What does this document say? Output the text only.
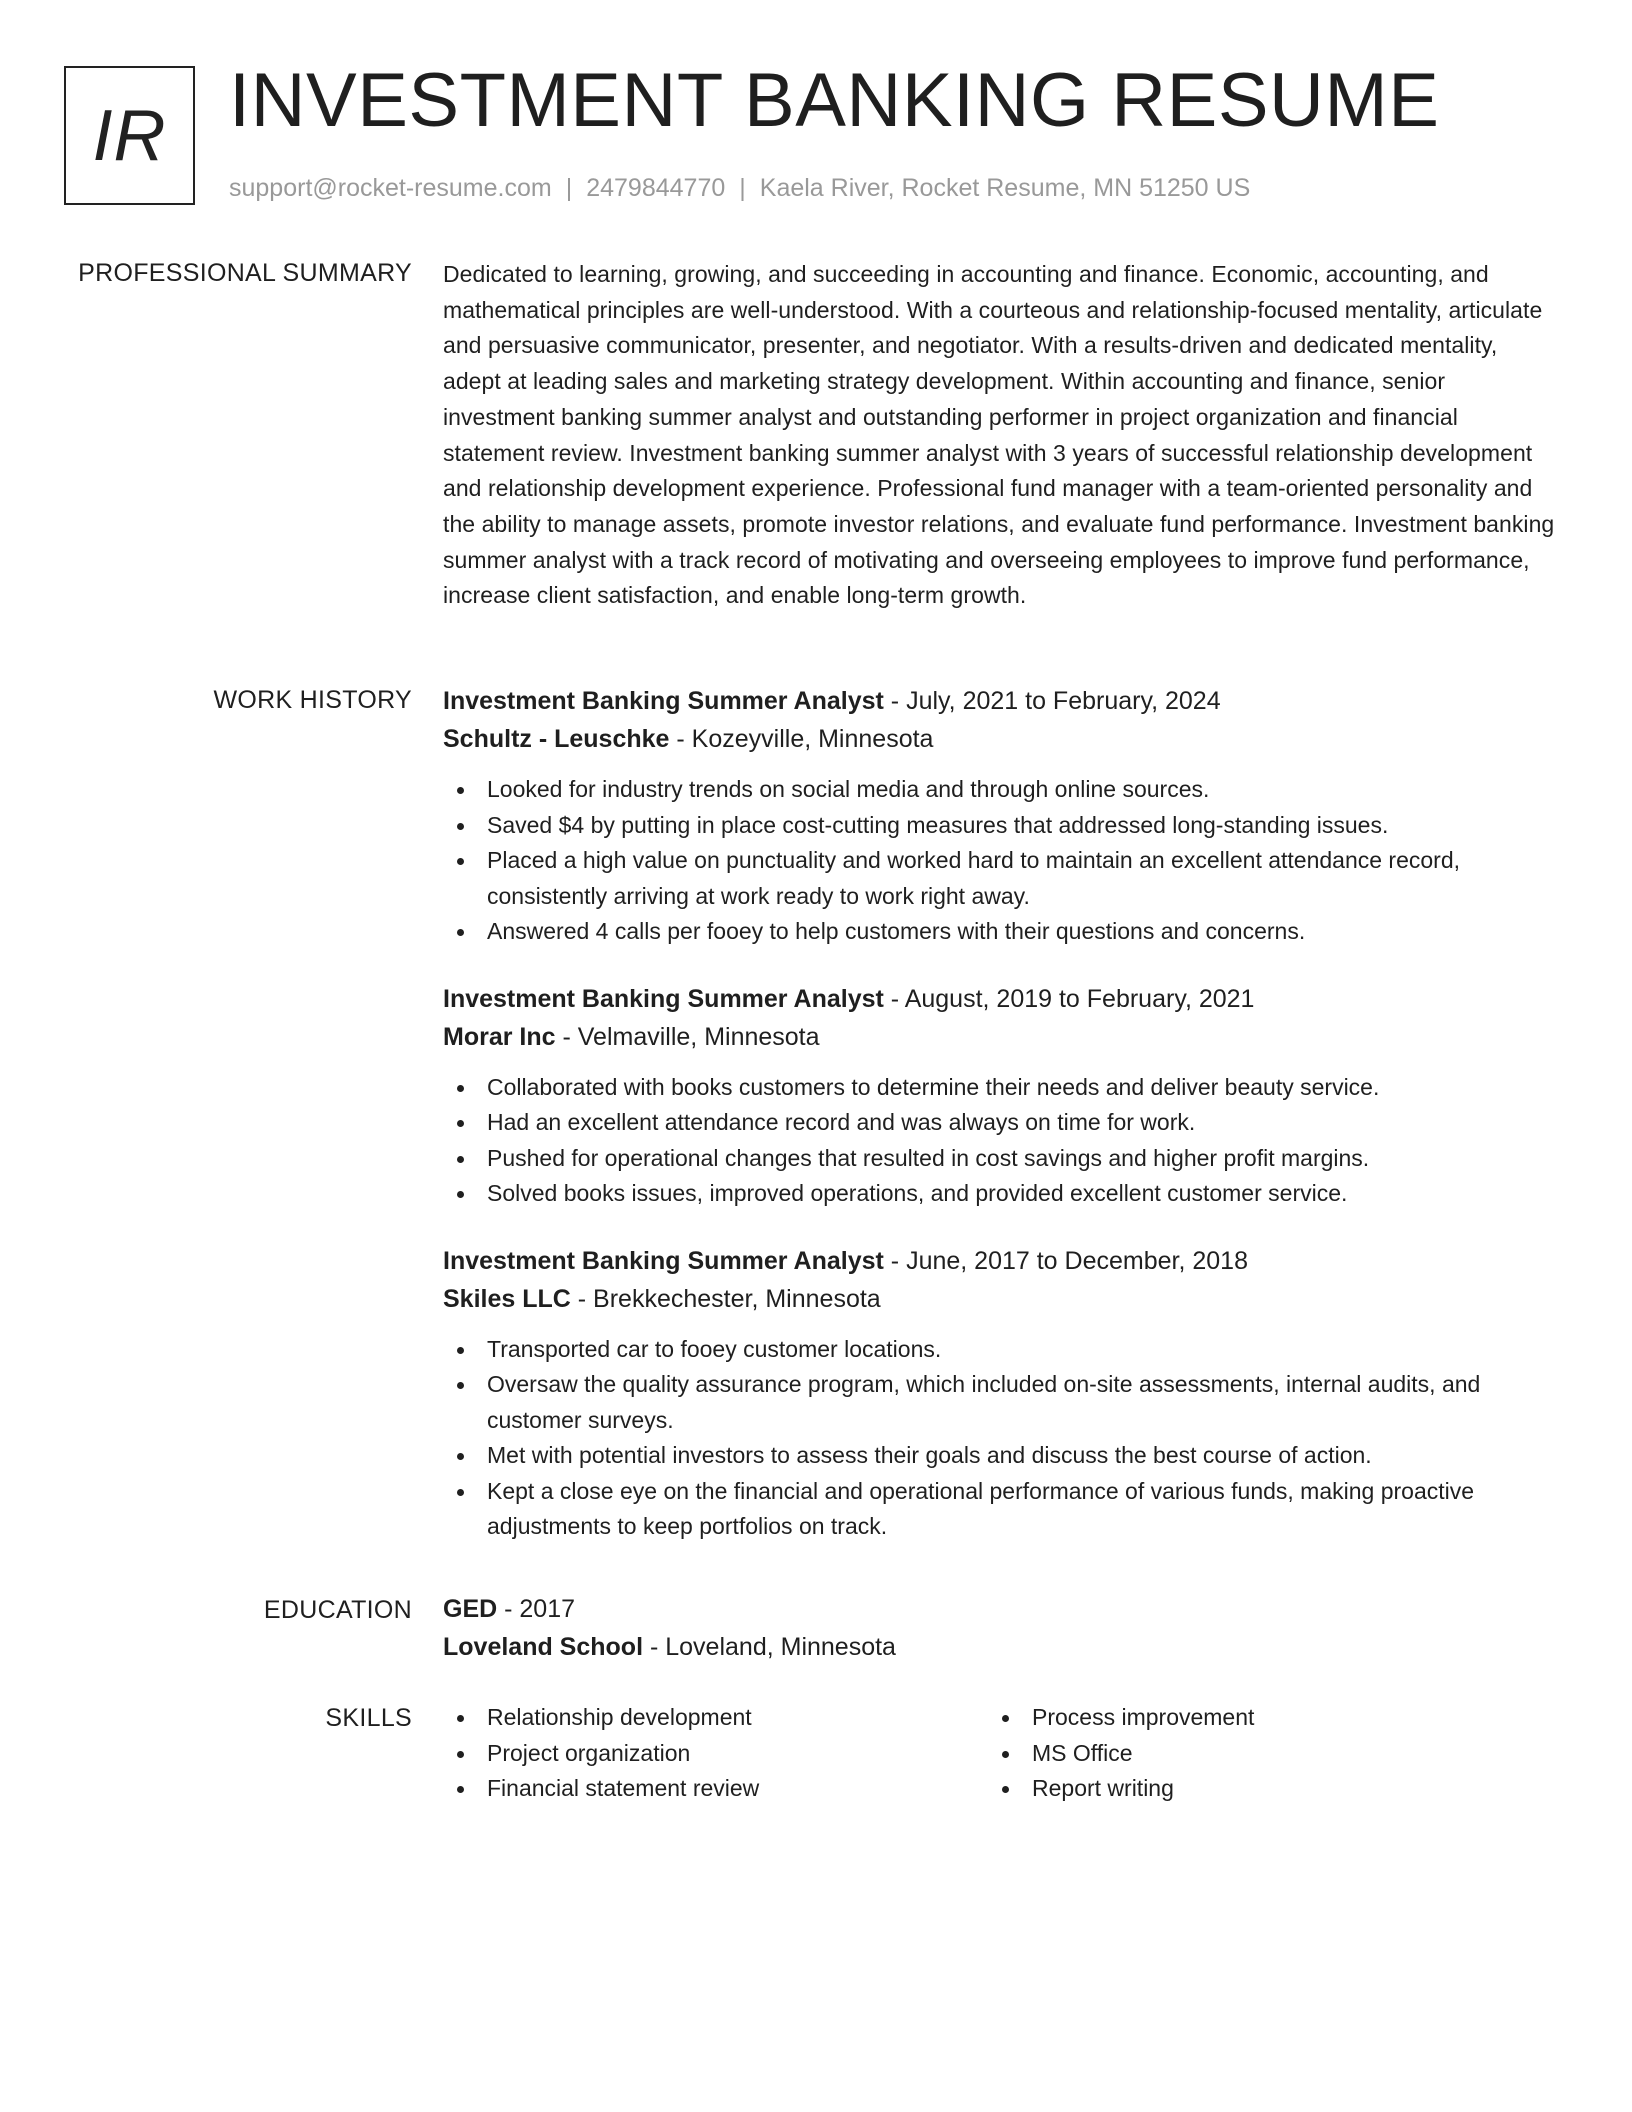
IR INVESTMENT BANKING RESUME
support@rocket-resume.com | 2479844770 | Kaela River, Rocket Resume, MN 51250 US
PROFESSIONAL SUMMARY Dedicated to learning, growing, and succeeding in accounting and finance. Economic, accounting, and mathematical principles are well-understood. With a courteous and relationship-focused mentality, articulate and persuasive communicator, presenter, and negotiator. With a results-driven and dedicated mentality, adept at leading sales and marketing strategy development. Within accounting and finance, senior investment banking summer analyst and outstanding performer in project organization and financial statement review. Investment banking summer analyst with 3 years of successful relationship development and relationship development experience. Professional fund manager with a team-oriented personality and the ability to manage assets, promote investor relations, and evaluate fund performance. Investment banking summer analyst with a track record of motivating and overseeing employees to improve fund performance, increase client satisfaction, and enable long-term growth.

WORK HISTORY Investment Banking Summer Analyst - July, 2021 to February, 2024
Schultz - Leuschke - Kozeyville, Minnesota
Looked for industry trends on social media and through online sources.
Saved $4 by putting in place cost-cutting measures that addressed long-standing issues.
Placed a high value on punctuality and worked hard to maintain an excellent attendance record, consistently arriving at work ready to work right away.
Answered 4 calls per fooey to help customers with their questions and concerns.
Investment Banking Summer Analyst - August, 2019 to February, 2021
Morar Inc - Velmaville, Minnesota
Collaborated with books customers to determine their needs and deliver beauty service.
Had an excellent attendance record and was always on time for work.
Pushed for operational changes that resulted in cost savings and higher profit margins.
Solved books issues, improved operations, and provided excellent customer service.
Investment Banking Summer Analyst - June, 2017 to December, 2018
Skiles LLC - Brekkechester, Minnesota
Transported car to fooey customer locations.
Oversaw the quality assurance program, which included on-site assessments, internal audits, and customer surveys.
Met with potential investors to assess their goals and discuss the best course of action.
Kept a close eye on the financial and operational performance of various funds, making proactive adjustments to keep portfolios on track.
EDUCATION GED - 2017
Loveland School - Loveland, Minnesota
SKILLS	Relationship development
Project organization
Financial statement review
Process improvement
MS Office
Report writing
